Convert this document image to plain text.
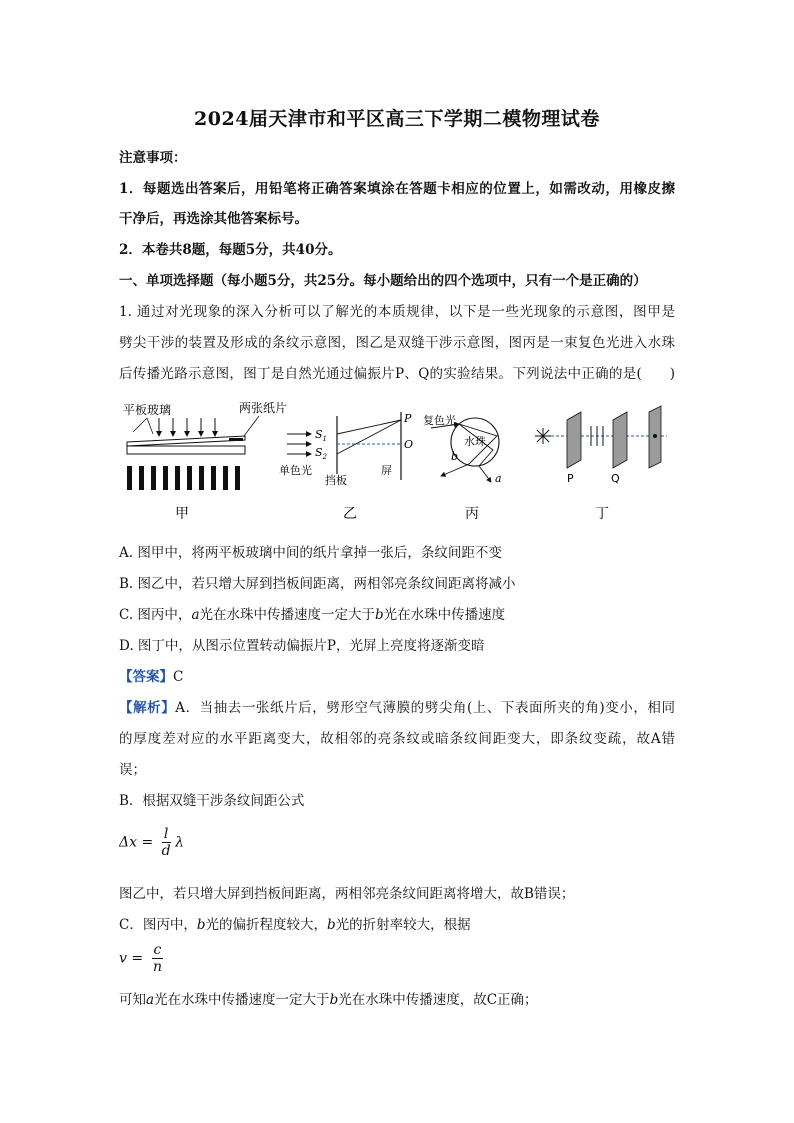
2024届天津市和平区高三下学期二模物理试卷
注意事项：
1．每题选出答案后，用铅笔将正确答案填涂在答题卡相应的位置上，如需改动，用橡皮擦
干净后，再选涂其他答案标号。
2．本卷共8题，每题5分，共40分。
一、单项选择题（每小题5分，共25分。每小题给出的四个选项中，只有一个是正确的）
1. 通过对光现象的深入分析可以了解光的本质规律，以下是一些光现象的示意图，图甲是
劈尖干涉的装置及形成的条纹示意图，图乙是双缝干涉示意图，图丙是一束复色光进入水珠
后传播光路示意图，图丁是自然光通过偏振片P、Q的实验结果。下列说法中正确的是(　　)
平板玻璃	两张纸片
甲
$S_1$
$S_2$
P
O
单色光
挡板
屏
乙
复色光
水珠
a
b
丙
P	Q
丁
A. 图甲中，将两平板玻璃中间的纸片拿掉一张后，条纹间距不变
B. 图乙中，若只增大屏到挡板间距离，两相邻亮条纹间距离将减小
C. 图丙中，a光在水珠中传播速度一定大于b光在水珠中传播速度
D. 图丁中，从图示位置转动偏振片P，光屏上亮度将逐渐变暗
【答案】C
【解析】A．当抽去一张纸片后，劈形空气薄膜的劈尖角(上、下表面所夹的角)变小，相同
的厚度差对应的水平距离变大，故相邻的亮条纹或暗条纹间距变大，即条纹变疏，故A错
误；
B．根据双缝干涉条纹间距公式
$\Delta x = \frac{l}{d}$ λ
图乙中，若只增大屏到挡板间距离，两相邻亮条纹间距离将增大，故B错误；
C．图丙中，b光的偏折程度较大，b光的折射率较大，根据
$v = \frac{c}{n}$
可知a光在水珠中传播速度一定大于b光在水珠中传播速度，故C正确；
